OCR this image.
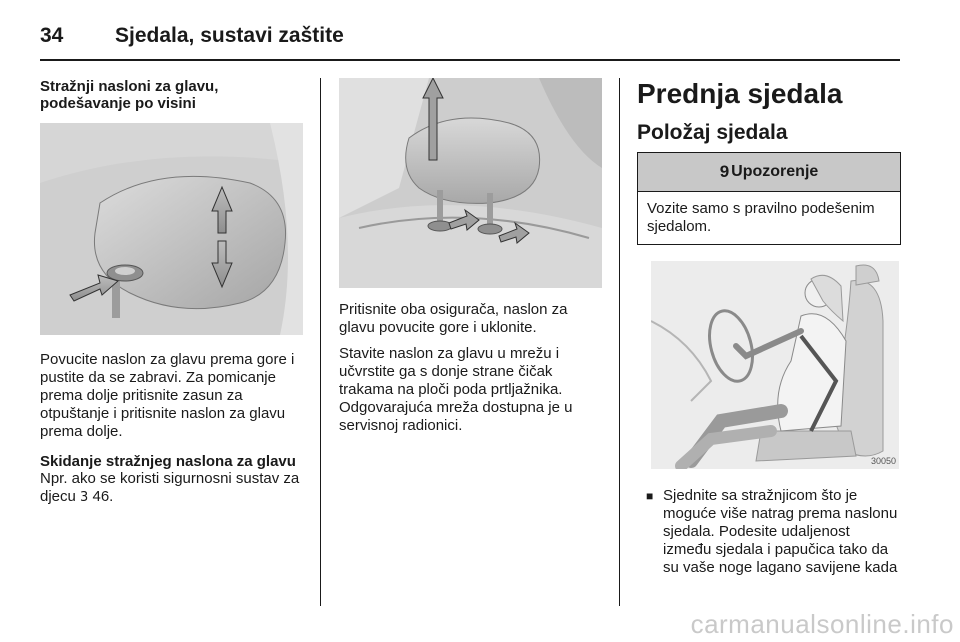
34	Sjedala, sustavi zaštite
Stražnji nasloni za glavu, podešavanje po visini

Povucite naslon za glavu prema gore i pustite da se zabravi. Za pomicanje prema dolje pritisnite zasun za otpuštanje i pritisnite naslon za glavu prema dolje.

Skidanje stražnjeg naslona za glavu

Npr. ako se koristi sigurnosni sustav za djecu 3 46.

Pritisnite oba osigurača, naslon za glavu povucite gore i uklonite.

Stavite naslon za glavu u mrežu i učvrstite ga s donje strane čičak trakama na ploči poda prtljažnika. Odgovarajuća mreža dostupna je u servisnoj radionici.

Prednja sjedala
Položaj sjedala
9 Upozorenje
Vozite samo s pravilno podešenim sjedalom.
30050
■ Sjednite sa stražnjicom što je moguće više natrag prema naslonu sjedala. Podesite udaljenost između sjedala i papučica tako da su vaše noge lagano savijene kada
carmanualsonline.info
